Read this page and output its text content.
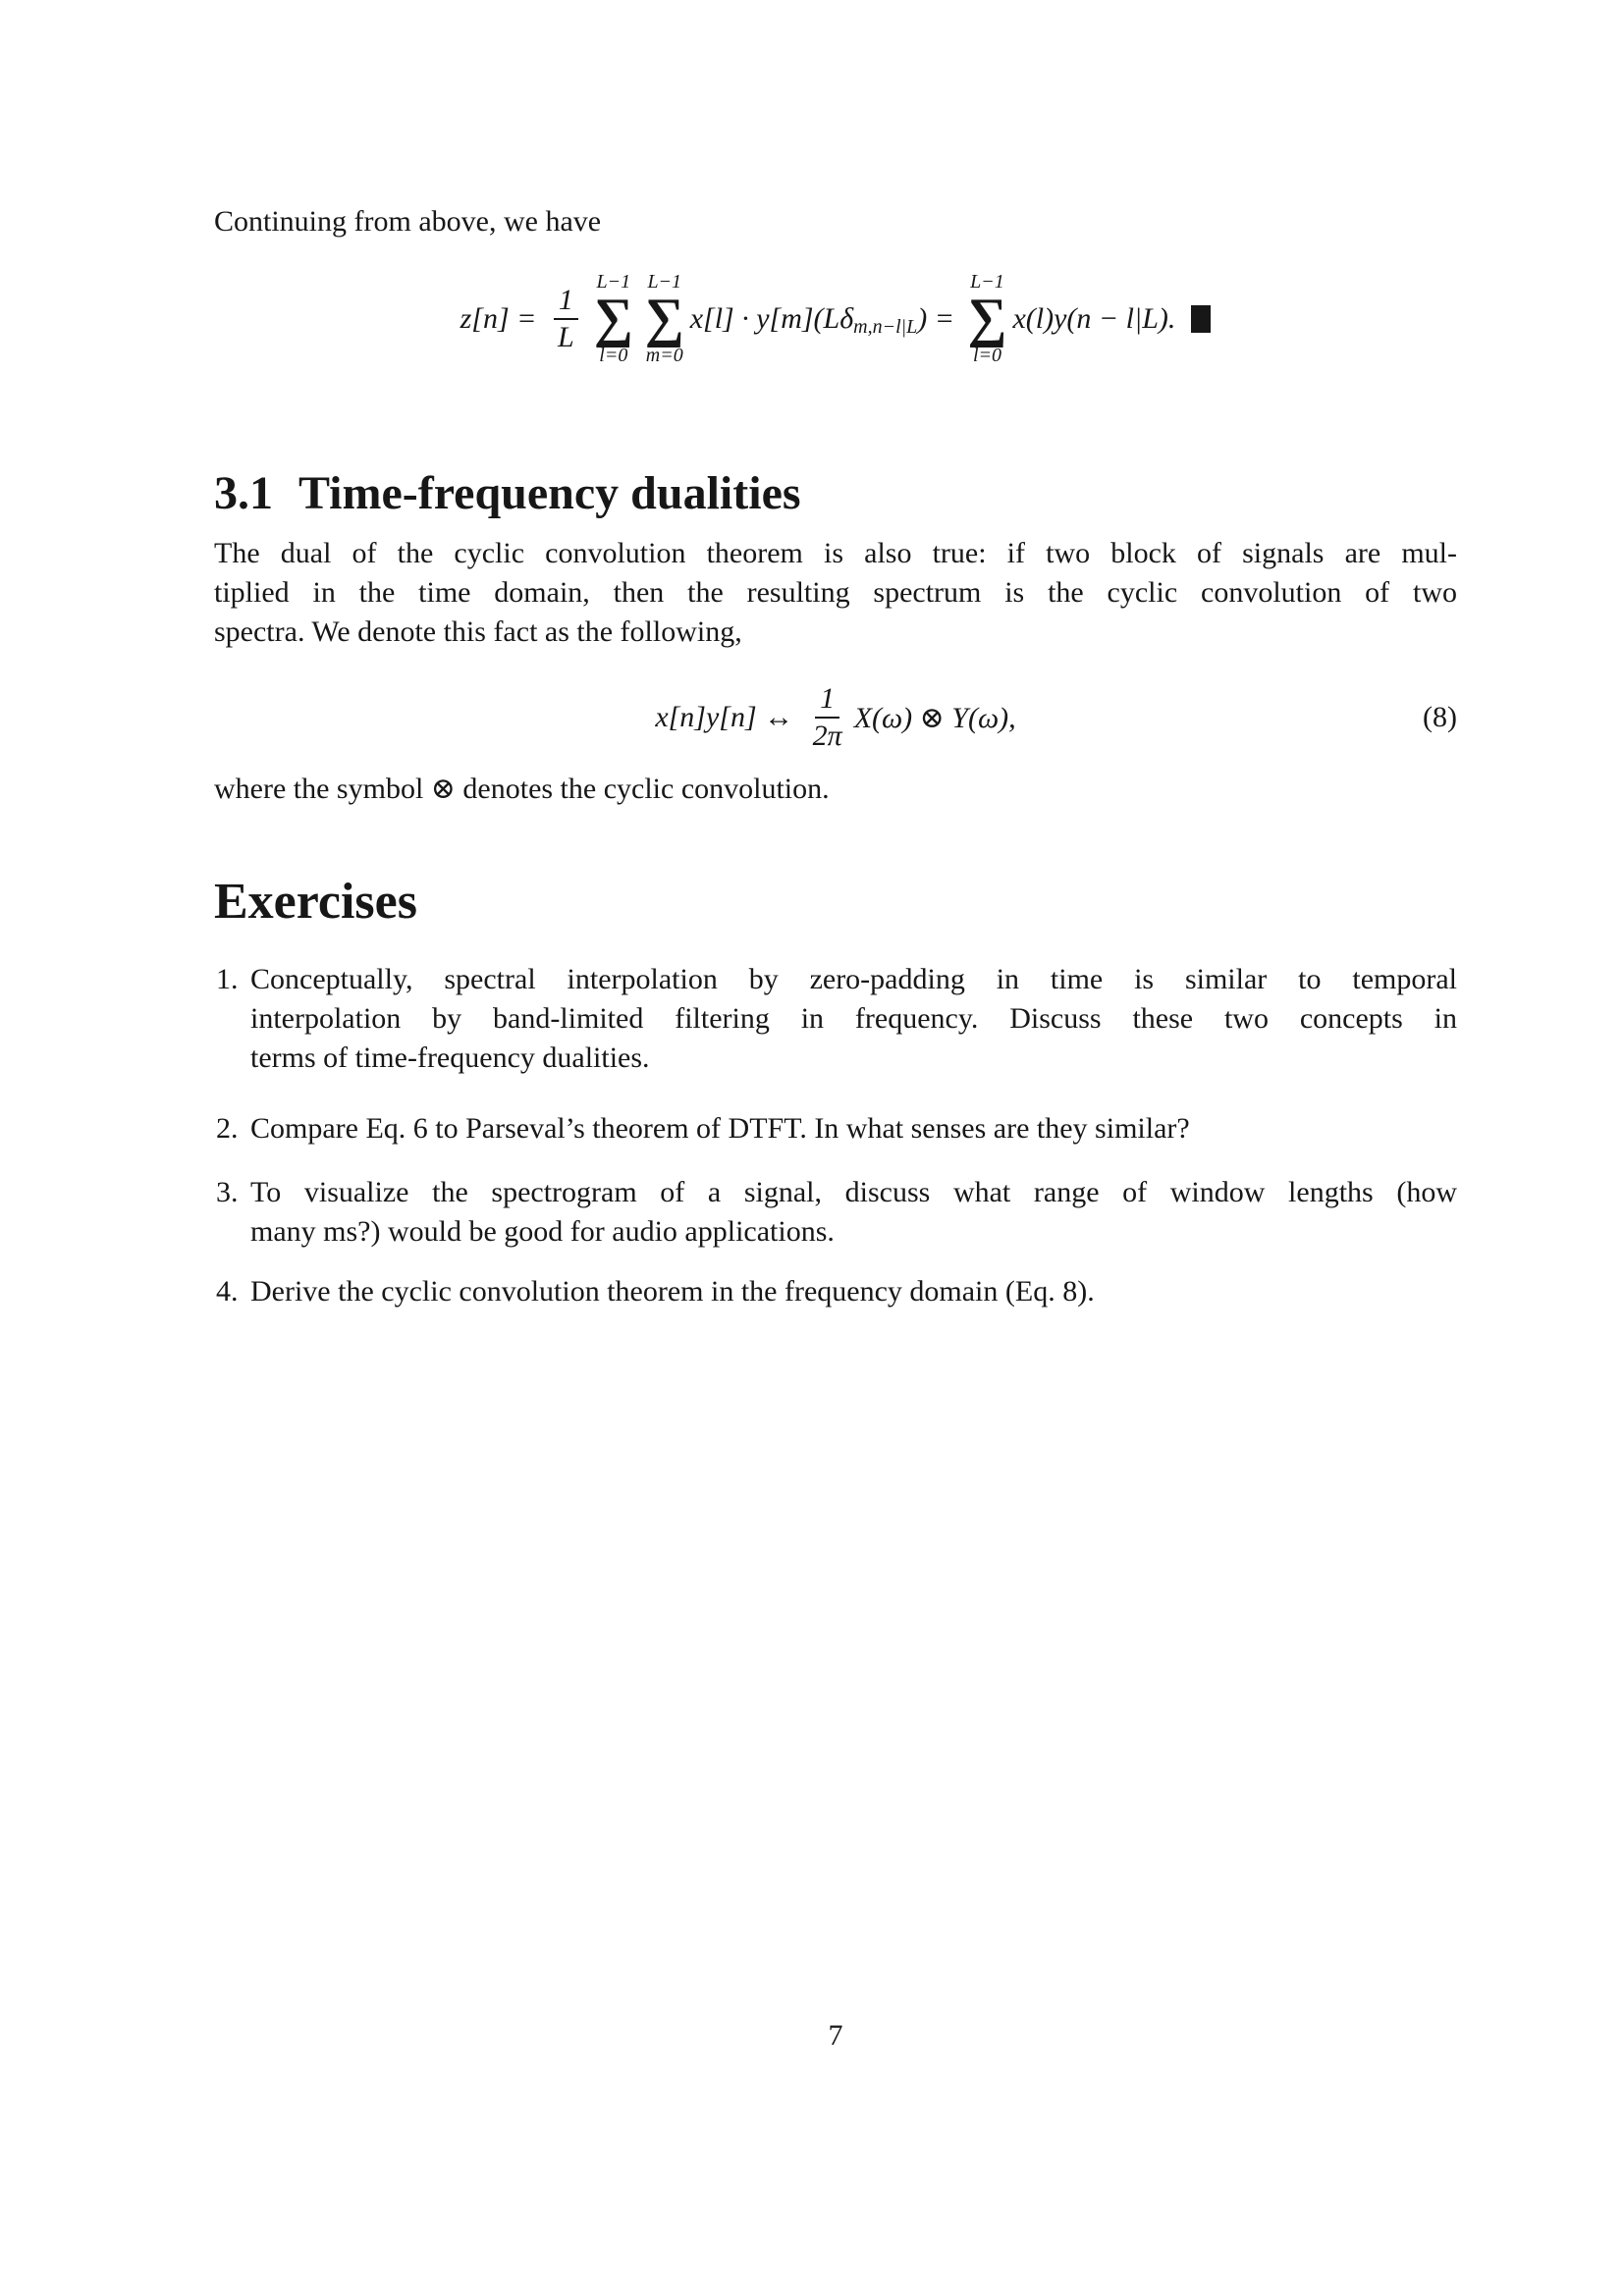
Continuing from above, we have
$z[n] = \frac{1}{L}$
L−1
∑
l=0
L−1
∑
m=0
x[l] · y[m](Lδ m,n−l|L ) =
L−1
∑
l=0
x(l)y(n − l|L).
3.1 Time-frequency dualities
The dual of the cyclic convolution theorem is also true: if two block of signals are mul-
tiplied in the time domain, then the resulting spectrum is the cyclic convolution of two
spectra. We denote this fact as the following,
x[n]y[n] ↔ $\frac{1}{2\pi} X(\omega)$ ⊗ Y(ω),	(8)
where the symbol ⊗ denotes the cyclic convolution.
Exercises
1. Conceptually, spectral interpolation by zero-padding in time is similar to temporal
interpolation by band-limited filtering in frequency. Discuss these two concepts in
terms of time-frequency dualities.
2. Compare Eq. 6 to Parseval’s theorem of DTFT. In what senses are they similar?
3. To visualize the spectrogram of a signal, discuss what range of window lengths (how
many ms?) would be good for audio applications.
4. Derive the cyclic convolution theorem in the frequency domain (Eq. 8).
7
